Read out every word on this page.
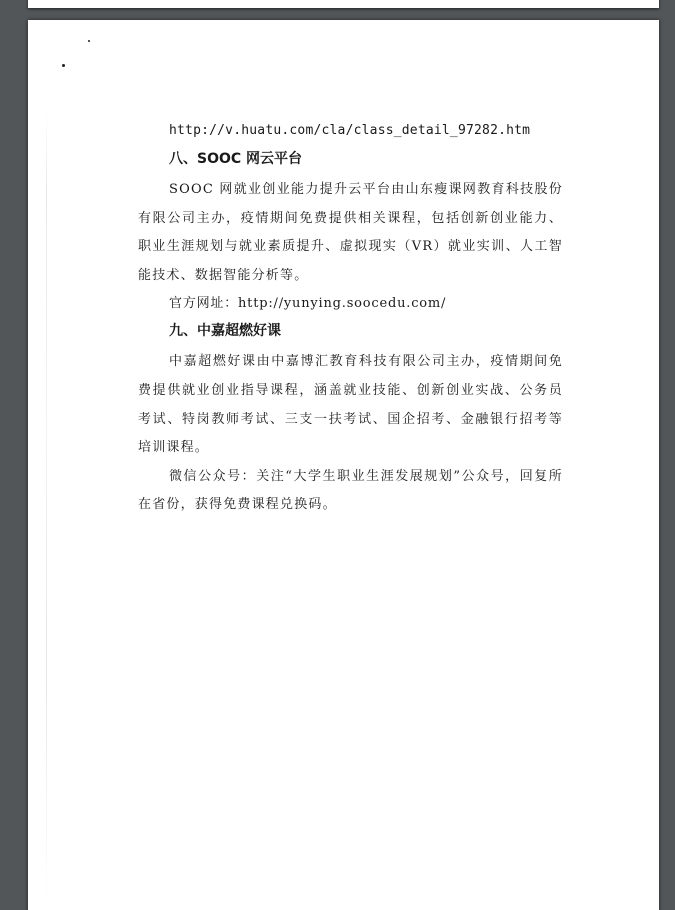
http://v.huatu.com/cla/class_detail_97282.htm
八、SOOC 网云平台

SOOC 网就业创业能力提升云平台由山东瘦课网教育科技股份有限公司主办，疫情期间免费提供相关课程，包括创新创业能力、职业生涯规划与就业素质提升、虚拟现实（VR）就业实训、人工智能技术、数据智能分析等。

官方网址：http://yunying.soocedu.com/
九、中嘉超燃好课

中嘉超燃好课由中嘉博汇教育科技有限公司主办，疫情期间免费提供就业创业指导课程，涵盖就业技能、创新创业实战、公务员考试、特岗教师考试、三支一扶考试、国企招考、金融银行招考等培训课程。

微信公众号：关注“大学生职业生涯发展规划”公众号，回复所在省份，获得免费课程兑换码。
